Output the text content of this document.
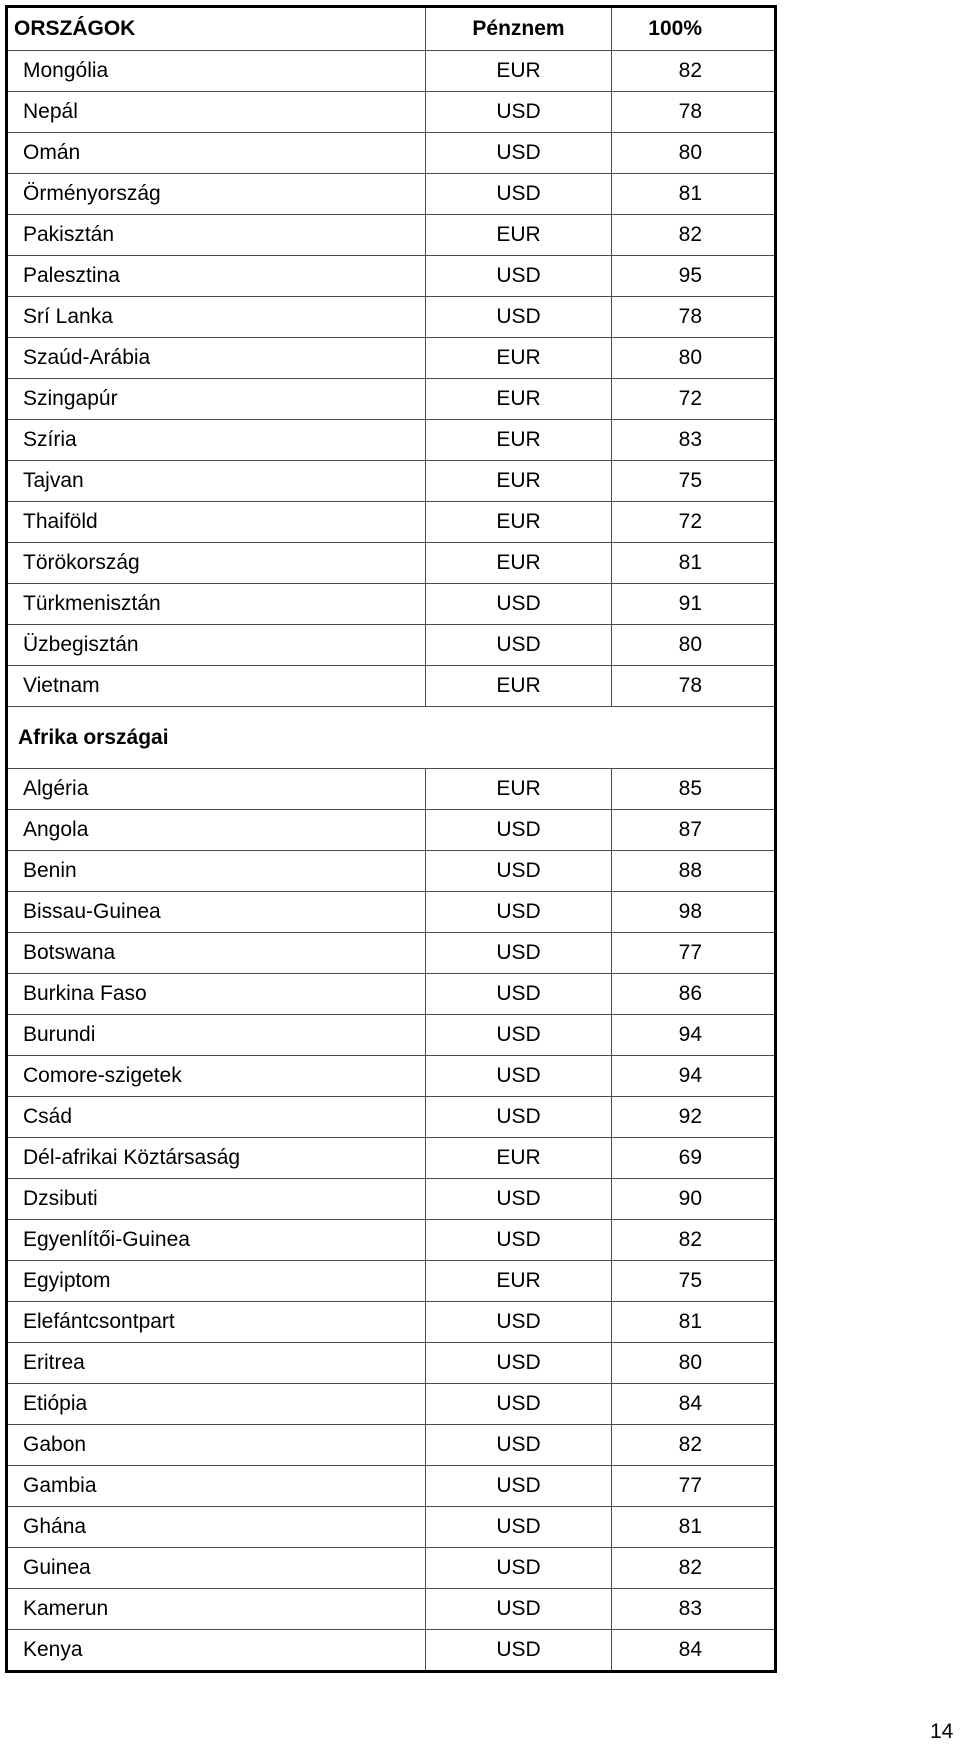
ORSZÁGOK	Pénznem	100%
Mongólia	EUR	82
Nepál	USD	78
Omán	USD	80
Örményország	USD	81
Pakisztán	EUR	82
Palesztina	USD	95
Srí Lanka	USD	78
Szaúd-Arábia	EUR	80
Szingapúr	EUR	72
Szíria	EUR	83
Tajvan	EUR	75
Thaiföld	EUR	72
Törökország	EUR	81
Türkmenisztán	USD	91
Üzbegisztán	USD	80
Vietnam	EUR	78
Afrika országai		
Algéria	EUR	85
Angola	USD	87
Benin	USD	88
Bissau-Guinea	USD	98
Botswana	USD	77
Burkina Faso	USD	86
Burundi	USD	94
Comore-szigetek	USD	94
Csád	USD	92
Dél-afrikai Köztársaság	EUR	69
Dzsibuti	USD	90
Egyenlítői-Guinea	USD	82
Egyiptom	EUR	75
Elefántcsontpart	USD	81
Eritrea	USD	80
Etiópia	USD	84
Gabon	USD	82
Gambia	USD	77
Ghána	USD	81
Guinea	USD	82
Kamerun	USD	83
Kenya	USD	84
14
